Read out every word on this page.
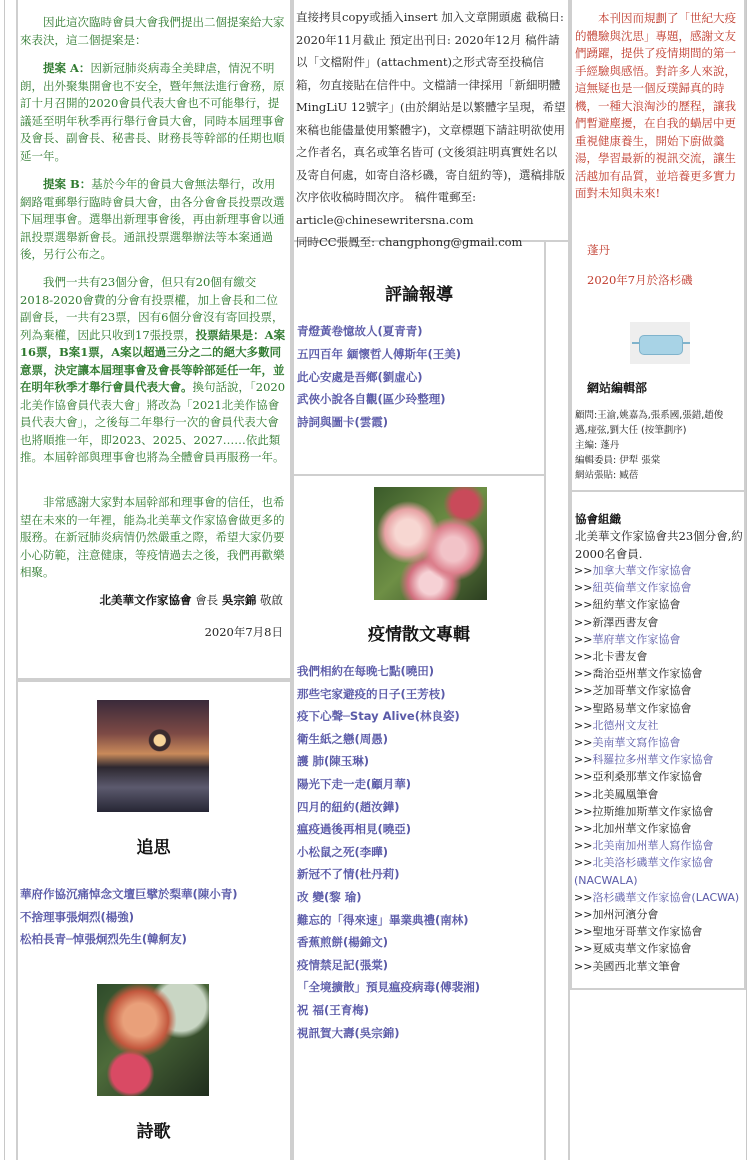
因此這次臨時會員大會我們提出二個提案給大家來表決，這二個提案是：

提案 A：因新冠肺炎病毒全美肆虐，情況不明朗，出外聚集開會也不安全，暨年無法進行會務，原訂十月召開的2020會員代表大會也不可能舉行，提議延至明年秋季再行舉行會員大會，同時本屆理事會及會長、副會長、秘書長、財務長等幹部的任期也順延一年。

提案 B：基於今年的會員大會無法舉行，改用網路電郵舉行臨時會員大會，由各分會會長投票改選下屆理事會。選舉出新理事會後，再由新理事會以通訊投票選舉新會長。通訊投票選舉辦法等本案通過後，另行公布之。

我們一共有23個分會，但只有20個有繳交2018-2020會費的分會有投票權，加上會長和二位副會長，一共有23票，因有6個分會沒有寄回投票，列為棄權，因此只收到17張投票，投票結果是：A案16票，B案1票，A案以超過三分之二的絕大多數同意票，決定讓本屆理事會及會長等幹部延任一年，並在明年秋季才舉行會員代表大會。換句話說，「2020北美作協會員代表大會」將改為「2021北美作協會員代表大會」，之後每二年舉行一次的會員代表大會也將順推一年，即2023、2025、2027……依此類推。本屆幹部與理事會也將為全體會員再服務一年。

非常感謝大家對本屆幹部和理事會的信任，也希望在未來的一年裡，能為北美華文作家協會做更多的服務。在新冠肺炎病情仍然嚴重之際，希望大家仍要小心防範，注意健康，等疫情過去之後，我們再歡樂相聚。

北美華文作家協會 會長 吳宗錦 敬啟
2020年7月8日
追思
華府作協沉痛悼念文壇巨擘於梨華(陳小青)
不捨理事張炯烈(楊強)
松柏長青─悼張炯烈先生(韓舸友)
詩歌
直接拷貝copy或插入insert 加入文章開頭處 截稿日: 2020年11月截止 預定出刊日: 2020年12月 稿件請以「文檔附件」(attachment)之形式寄至投稿信箱，勿直接貼在信件中。文檔請一律採用「新細明體 MingLiU 12號字」(由於網站是以繁體字呈現，希望來稿也能儘量使用繁體字)，文章標題下請註明欲使用之作者名，真名或筆名皆可 (文後須註明真實姓名以及寄自何處，如寄自洛杉磯，寄自紐約等)，選稿排版次序依收稿時間次序。 稿件電郵至: article@chinesewritersna.com
同時CC張鳳至: changphong@gmail.com
評論報導
青燈黃卷憶故人(夏青青)
五四百年 緬懷哲人傅斯年(王美)
此心安處是吾鄉(劉虛心)
武俠小說各自觀(區少玲整理)
詩詞與圖卡(雲霞)
疫情散文專輯
我們相約在每晚七點(曉田)
那些宅家避疫的日子(王芳枝)
疫下心聲─Stay Alive(林良姿)
衛生紙之戀(周愚)
護 肺(陳玉琳)
陽光下走一走(顧月華)
四月的紐約(趙汝鏵)
瘟疫過後再相見(曉亞)
小松鼠之死(李曄)
新冠不了情(杜丹莉)
改 變(黎 瑜)
難忘的「得來速」畢業典禮(南林)
香蕉煎餅(楊錦文)
疫情禁足記(張棠)
「全境擴散」預見瘟疫病毒(傅裴湘)
祝 福(王育梅)
視訊賀大壽(吳宗錦)

本刊因而規劃了「世紀大疫的體驗與沈思」專題，感謝文友們踴躍，提供了疫情期間的第一手經驗與感悟。對許多人來說，這無疑也是一個反璞歸真的時機，一種大浪淘沙的歷程，讓我們暫避塵擾，在自我的蝸居中更重視健康養生，開始下廚做羹湯，學習最新的視訊交流，讓生活越加有品質，並培養更多實力面對未知與未來!

蓬丹
2020年7月於洛杉磯
網站編輯部
顧問:王渝,姚嘉為,張系國,張錯,趙俊
邁,痖弦,劉大任 (按筆劃序)
主編: 蓬丹
編輯委員: 伊犁 張棠
網站張貼: 臧蓓
協會組織
北美華文作家協會共23個分會,約2000名會員.
>>加拿大華文作家協會
>>紐英倫華文作家協會
>>紐約華文作家協會
>>新澤西書友會
>>華府華文作家協會
>>北卡書友會
>>喬治亞州華文作家協會
>>芝加哥華文作家協會
>>聖路易華文作家協會
>>北德州文友社
>>美南華文寫作協會
>>科羅拉多州華文作家協會
>>亞利桑那華文作家協會
>>北美鳳凰筆會
>>拉斯維加斯華文作家協會
>>北加州華文作家協會
>>北美南加州華人寫作協會
>>北美洛杉磯華文作家協會(NACWALA)
>>洛杉磯華文作家協會(LACWA)
>>加州河濱分會
>>聖地牙哥華文作家協會
>>夏威夷華文作家協會
>>美國西北華文筆會
